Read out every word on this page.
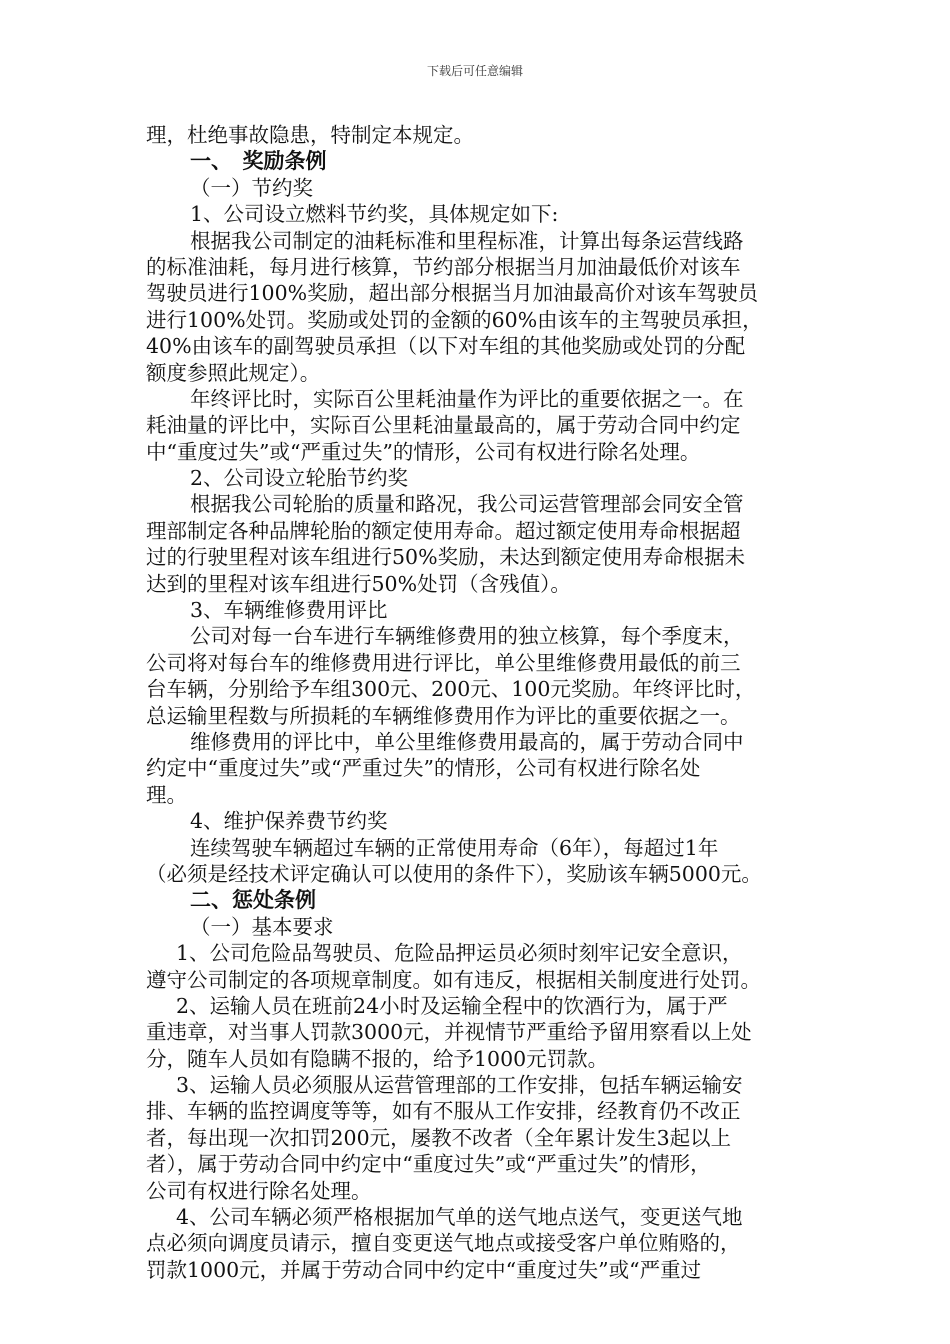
下载后可任意编辑
理，杜绝事故隐患，特制定本规定。
一、　奖励条例
（一）节约奖
1、公司设立燃料节约奖，具体规定如下:
根据我公司制定的油耗标准和里程标准，计算出每条运营线路
的标准油耗，每月进行核算，节约部分根据当月加油最低价对该车
驾驶员进行100%奖励，超出部分根据当月加油最高价对该车驾驶员
进行100%处罚。奖励或处罚的金额的60%由该车的主驾驶员承担，
40%由该车的副驾驶员承担（以下对车组的其他奖励或处罚的分配
额度参照此规定）。
年终评比时，实际百公里耗油量作为评比的重要依据之一。在
耗油量的评比中，实际百公里耗油量最高的，属于劳动合同中约定
中“重度过失”或“严重过失”的情形，公司有权进行除名处理。
2、公司设立轮胎节约奖
根据我公司轮胎的质量和路况，我公司运营管理部会同安全管
理部制定各种品牌轮胎的额定使用寿命。超过额定使用寿命根据超
过的行驶里程对该车组进行50%奖励，未达到额定使用寿命根据未
达到的里程对该车组进行50%处罚（含残值）。
3、车辆维修费用评比
公司对每一台车进行车辆维修费用的独立核算，每个季度末，
公司将对每台车的维修费用进行评比，单公里维修费用最低的前三
台车辆，分别给予车组300元、200元、100元奖励。年终评比时，
总运输里程数与所损耗的车辆维修费用作为评比的重要依据之一。
维修费用的评比中，单公里维修费用最高的，属于劳动合同中
约定中“重度过失”或“严重过失”的情形，公司有权进行除名处
理。
4、维护保养费节约奖
连续驾驶车辆超过车辆的正常使用寿命（6年），每超过1年
（必须是经技术评定确认可以使用的条件下），奖励该车辆5000元。
二、惩处条例
（一）基本要求
1、公司危险品驾驶员、危险品押运员必须时刻牢记安全意识，
遵守公司制定的各项规章制度。如有违反，根据相关制度进行处罚。
2、运输人员在班前24小时及运输全程中的饮酒行为，属于严
重违章，对当事人罚款3000元，并视情节严重给予留用察看以上处
分，随车人员如有隐瞒不报的，给予1000元罚款。
3、运输人员必须服从运营管理部的工作安排，包括车辆运输安
排、车辆的监控调度等等，如有不服从工作安排，经教育仍不改正
者，每出现一次扣罚200元，屡教不改者（全年累计发生3起以上
者），属于劳动合同中约定中“重度过失”或“严重过失”的情形，
公司有权进行除名处理。
4、公司车辆必须严格根据加气单的送气地点送气，变更送气地
点必须向调度员请示，擅自变更送气地点或接受客户单位贿赂的，
罚款1000元，并属于劳动合同中约定中“重度过失”或“严重过
